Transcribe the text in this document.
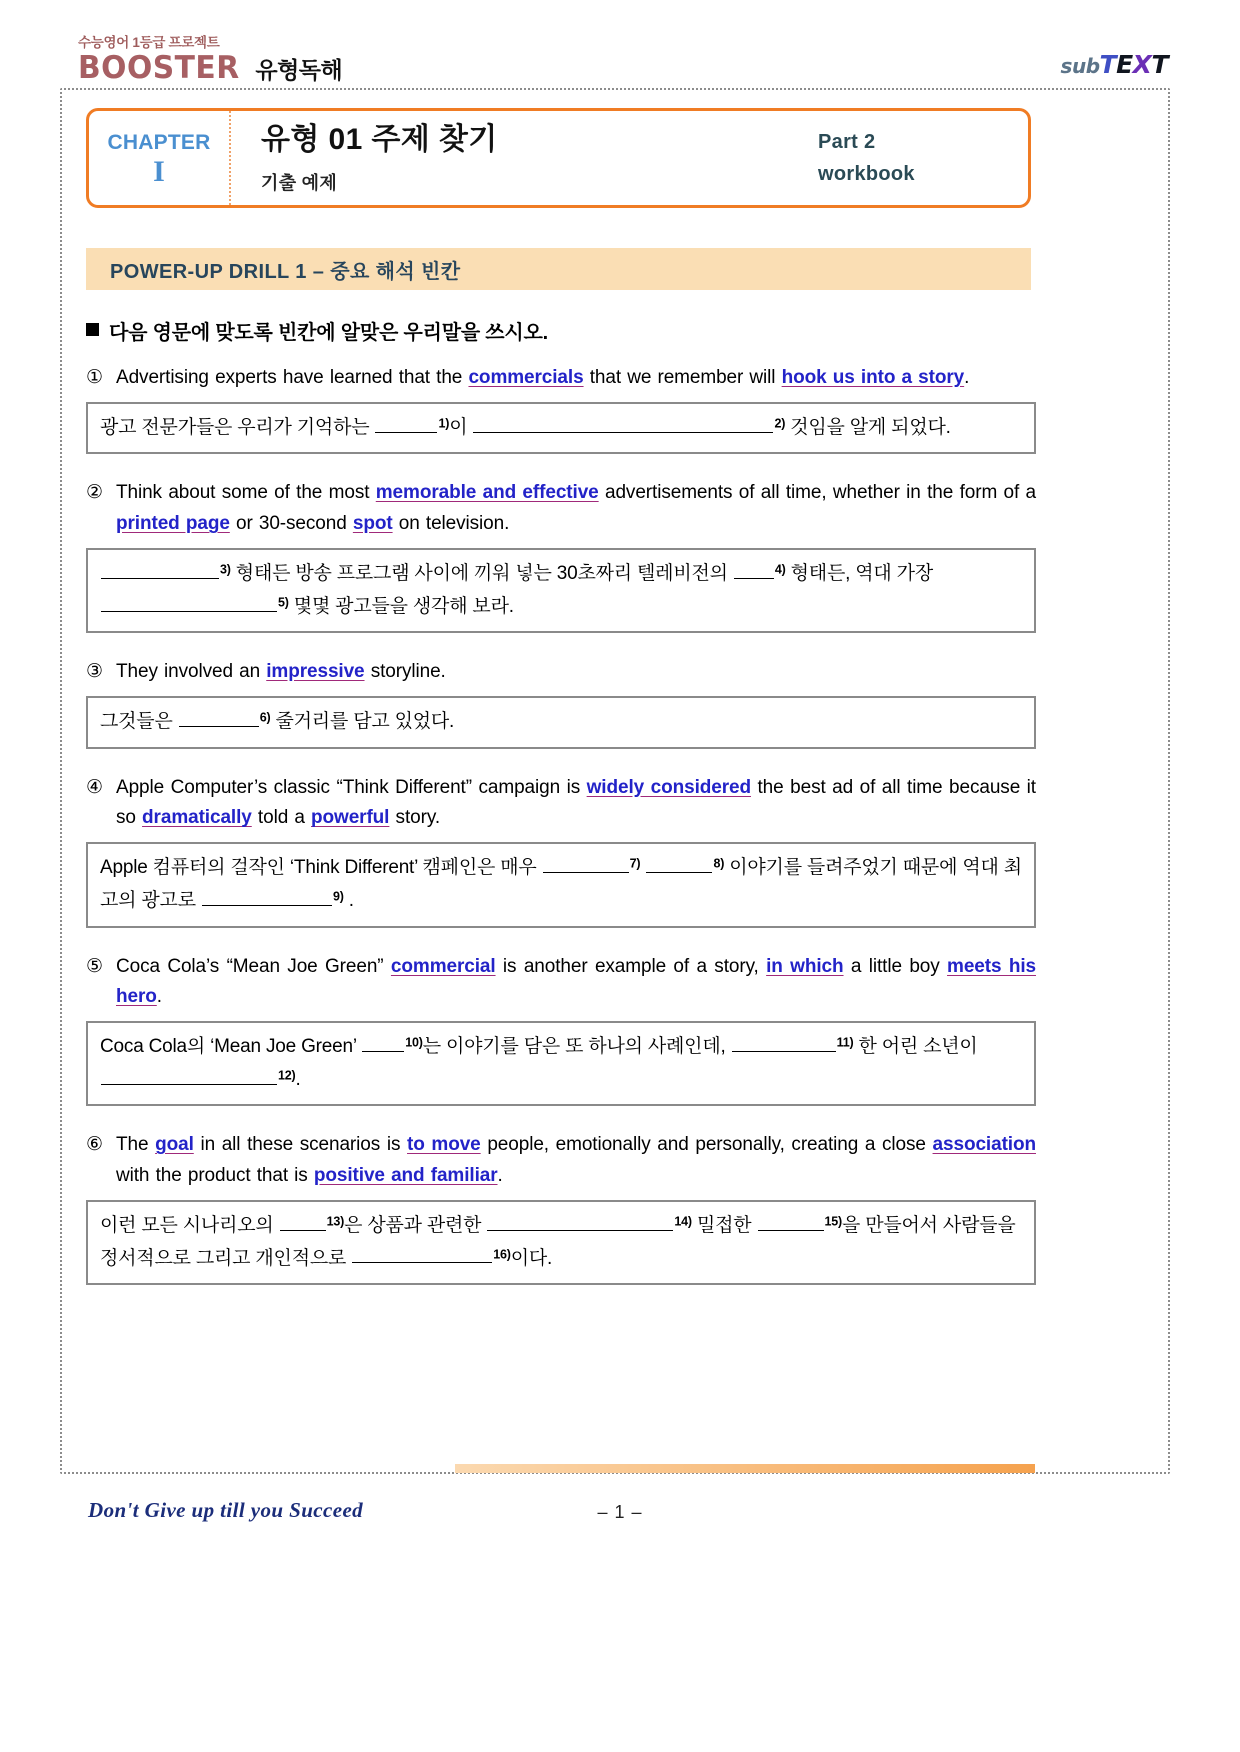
수능영어 1등급 프로젝트
BOOSTER 유형독해	subTEXT
CHAPTER
I
유형 01 주제 찾기
기출 예제
Part 2
workbook
POWER-UP DRILL 1 – 중요 해석 빈칸
다음 영문에 맞도록 빈칸에 알맞은 우리말을 쓰시오.
① Advertising experts have learned that the commercials that we remember will hook us into a story.
광고 전문가들은 우리가 기억하는	$^{1)}$이	$^{2)}$ 것임을 알게 되었다.
② Think about some of the most memorable and effective advertisements of all time, whether in the form of a printed page or 30-second spot on television.
$^{3)}$ 형태든 방송 프로그램 사이에 끼워 넣는 30초짜리 텔레비전의	$^{4)}$ 형태든, 역대 가장 $^{5)}$ 몇몇 광고들을 생각해 보라.
③ They involved an impressive storyline.
그것들은	$^{6)}$ 줄거리를 담고 있었다.
④ Apple Computer’s classic “Think Different” campaign is widely considered the best ad of all time because it so dramatically told a powerful story.
Apple 컴퓨터의 걸작인 ‘Think Different’ 캠페인은 매우	$^{7)}$	$^{8)}$ 이야기를 들려주었기 때문에 역대 최고의 광고로	$^{9)}$ .
⑤ Coca Cola’s “Mean Joe Green” commercial is another example of a story, in which a little boy meets his hero.
Coca Cola의 ‘Mean Joe Green’	$^{10)}$는 이야기를 담은 또 하나의 사례인데,	$^{11)}$ 한 어린 소년이 $^{12)}$.
⑥ The goal in all these scenarios is to move people, emotionally and personally, creating a close association with the product that is positive and familiar.
이런 모든 시나리오의	$^{13)}$은 상품과 관련한	$^{14)}$ 밀접한	$^{15)}$을 만들어서 사람들을 정서적으로 그리고 개인적으로	$^{16)}$이다.
Don't Give up till you Succeed	– 1 –
